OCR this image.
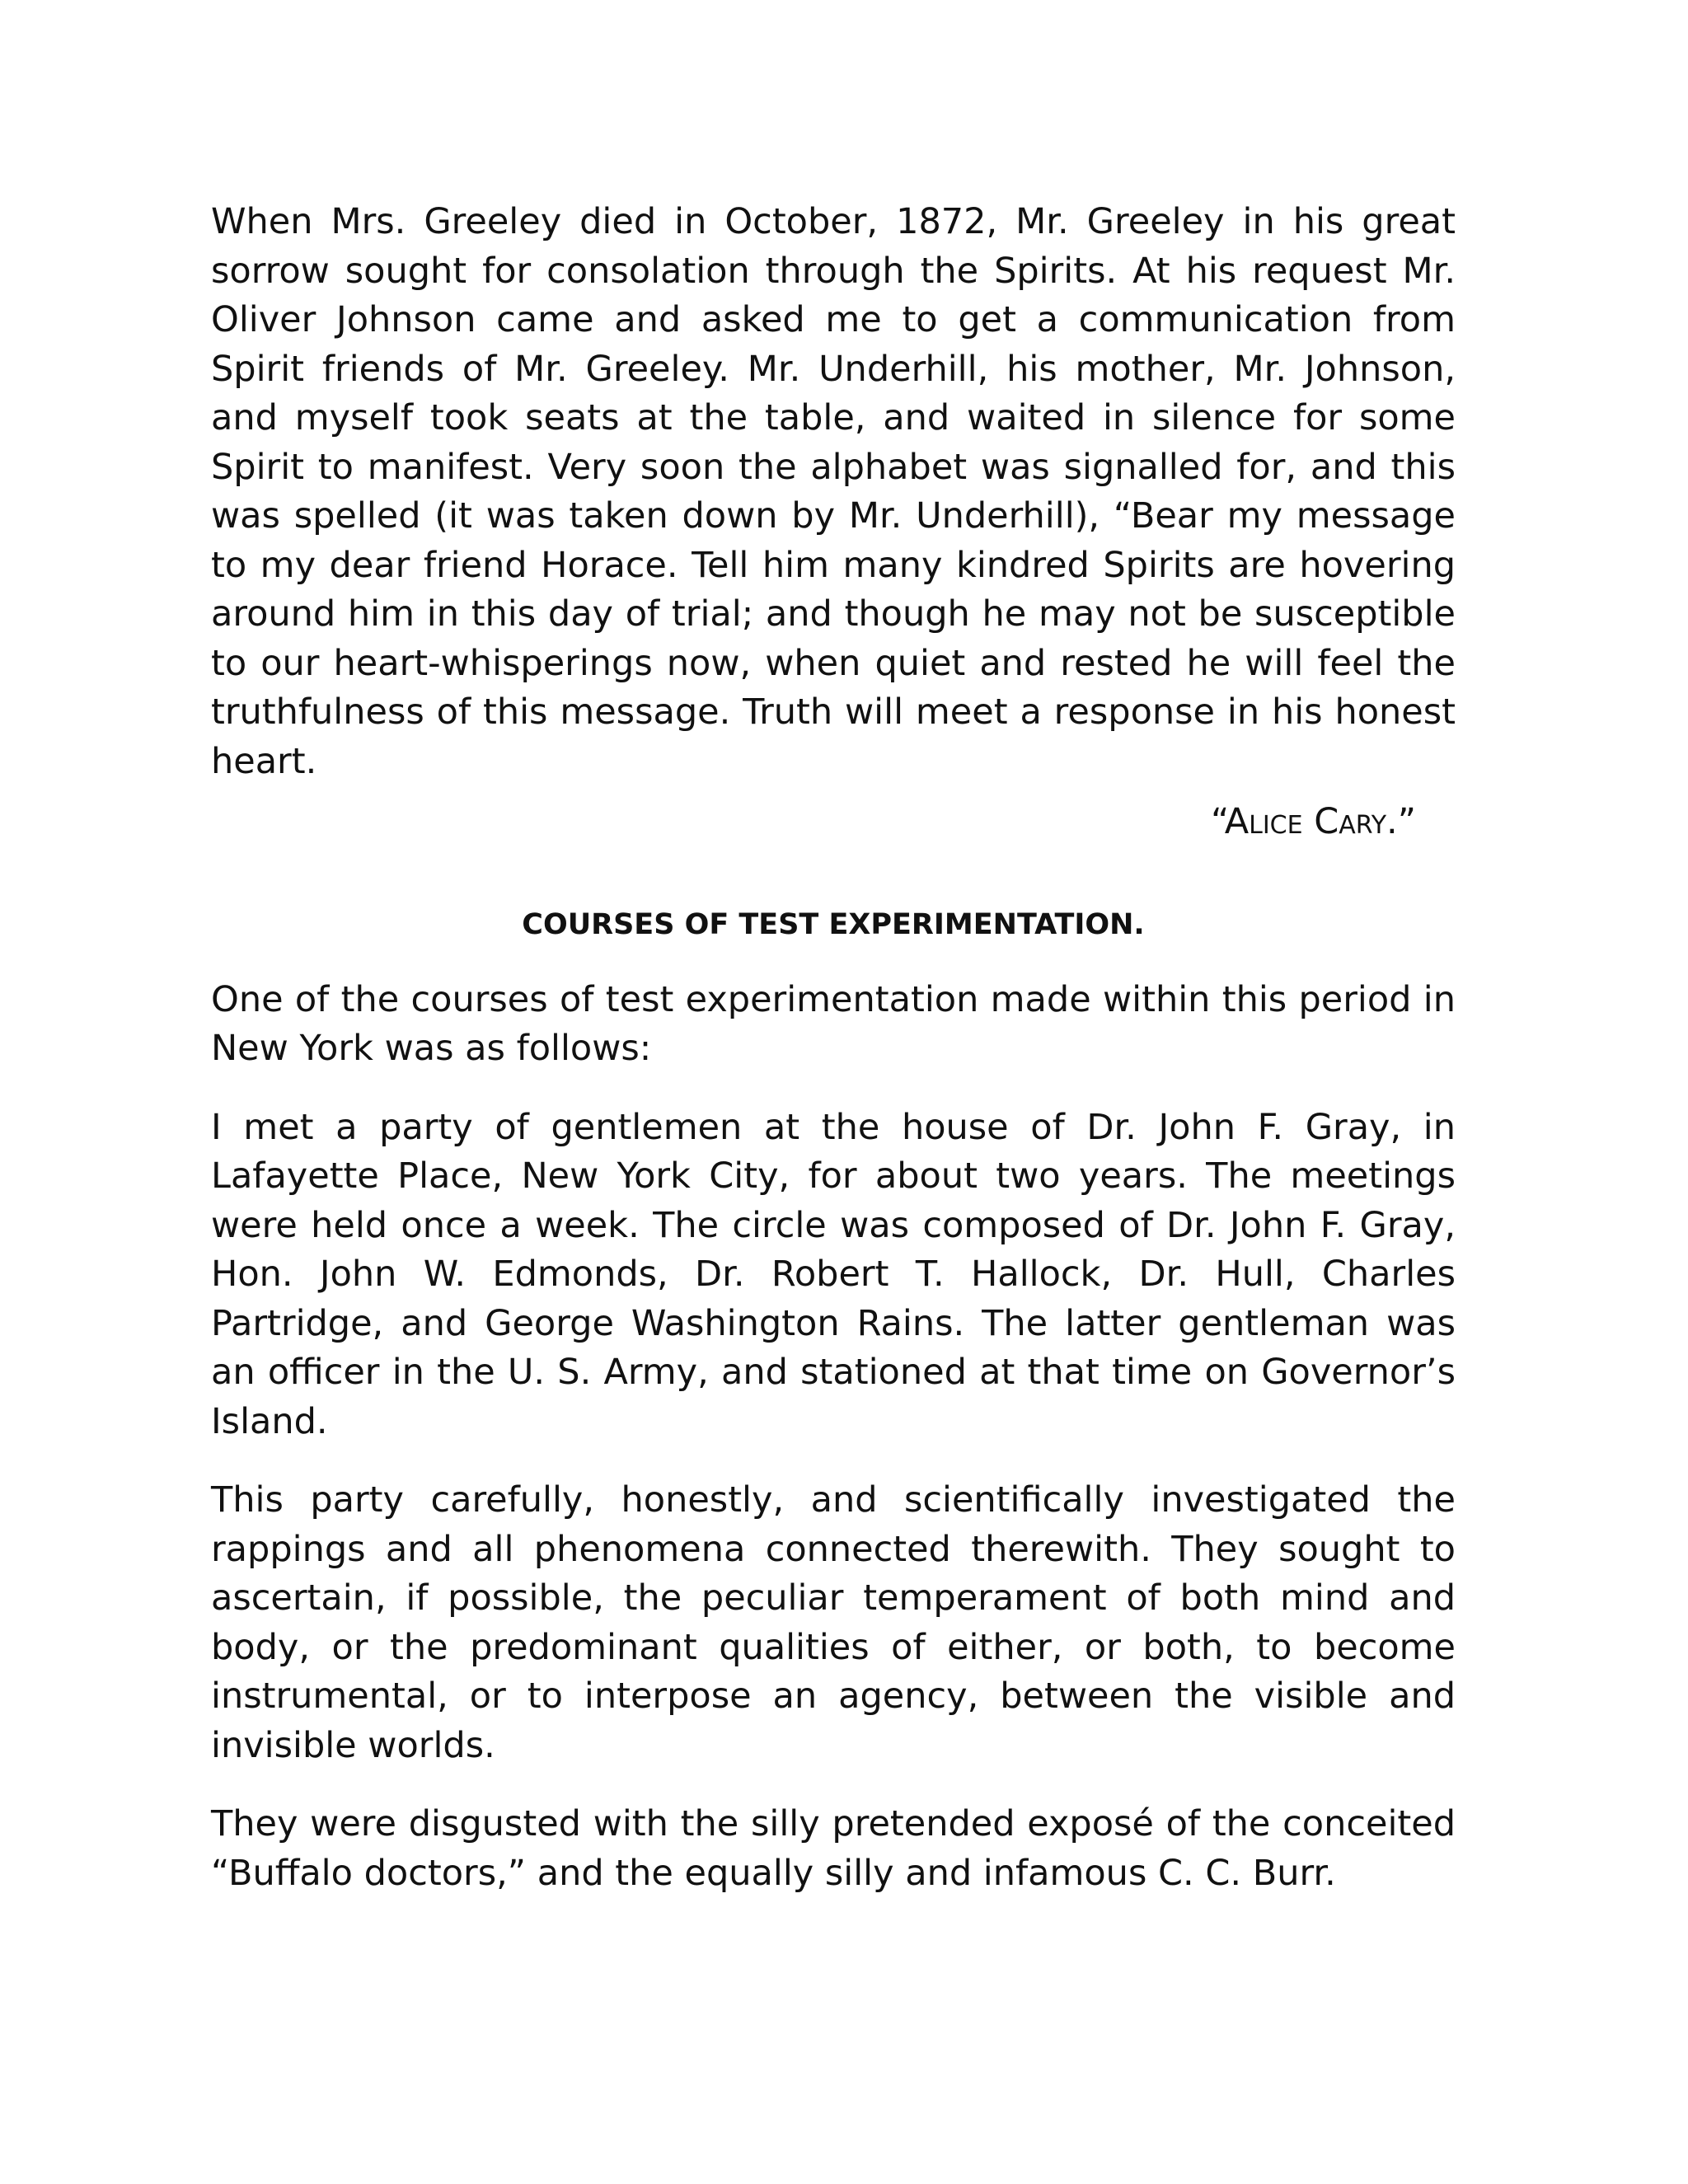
When Mrs. Greeley died in October, 1872, Mr. Greeley in his great sorrow sought for consolation through the Spirits. At his request Mr. Oliver Johnson came and asked me to get a communication from Spirit friends of Mr. Greeley. Mr. Underhill, his mother, Mr. Johnson, and myself took seats at the table, and waited in silence for some Spirit to manifest. Very soon the alphabet was signalled for, and this was spelled (it was taken down by Mr. Underhill), “Bear my message to my dear friend Horace. Tell him many kindred Spirits are hovering around him in this day of trial; and though he may not be susceptible to our heart-whisperings now, when quiet and rested he will feel the truthfulness of this message. Truth will meet a response in his honest heart.

“Alice Cary.”

COURSES OF TEST EXPERIMENTATION.

One of the courses of test experimentation made within this period in New York was as follows:

I met a party of gentlemen at the house of Dr. John F. Gray, in Lafayette Place, New York City, for about two years. The meetings were held once a week. The circle was composed of Dr. John F. Gray, Hon. John W. Edmonds, Dr. Robert T. Hallock, Dr. Hull, Charles Partridge, and George Washington Rains. The latter gentleman was an officer in the U. S. Army, and stationed at that time on Governor’s Island.

This party carefully, honestly, and scientifically investigated the rappings and all phenomena connected therewith. They sought to ascertain, if possible, the peculiar temperament of both mind and body, or the predominant qualities of either, or both, to become instrumental, or to interpose an agency, between the visible and invisible worlds.

They were disgusted with the silly pretended exposé of the conceited “Buffalo doctors,” and the equally silly and infamous C. C. Burr.
